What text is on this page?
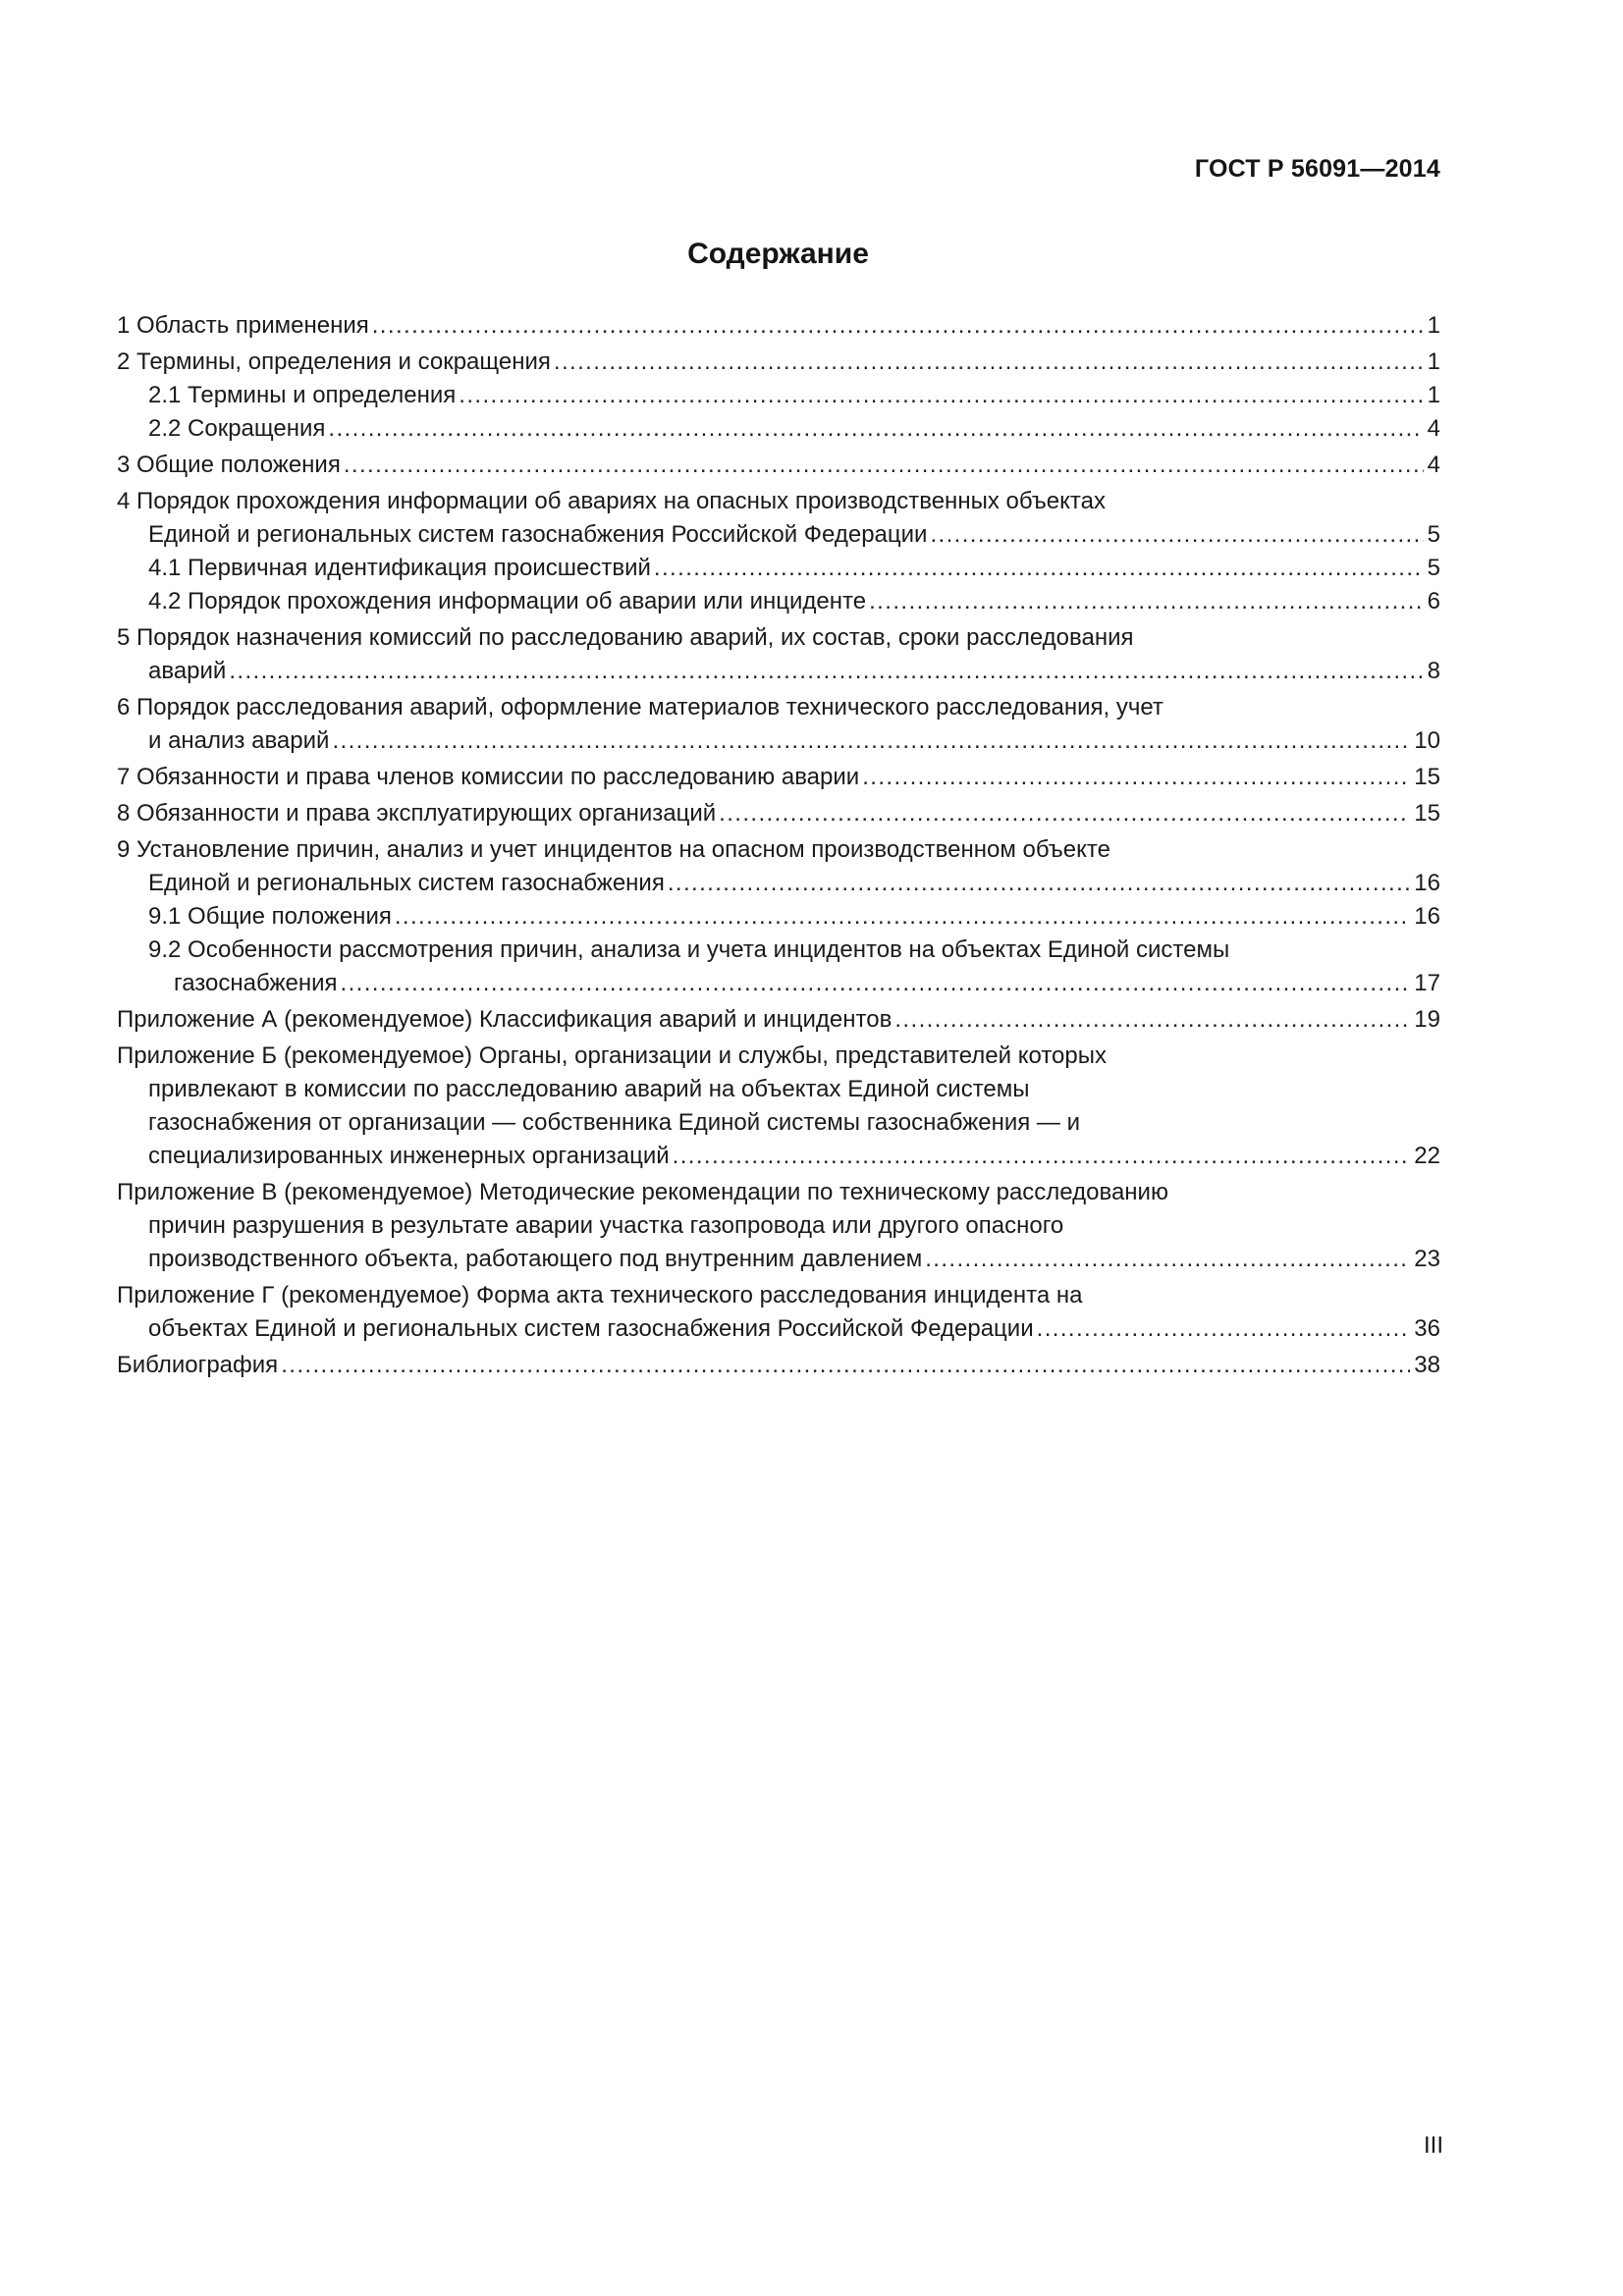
ГОСТ Р 56091—2014
Содержание
1 Область применения .....	1
2 Термины, определения и сокращения .....	1
2.1 Термины и определения .....	1
2.2 Сокращения .....	4
3 Общие положения .....	4
4 Порядок прохождения информации об авариях на опасных производственных объектах
Единой и региональных систем газоснабжения Российской Федерации .....	5
4.1 Первичная идентификация происшествий .....	5
4.2 Порядок прохождения информации об аварии или инциденте .....	6
5 Порядок назначения комиссий по расследованию аварий, их состав, сроки расследования
аварий .....	8
6 Порядок расследования аварий, оформление материалов технического расследования, учет
и анализ аварий .....	10
7 Обязанности и права членов комиссии по расследованию аварии .....	15
8 Обязанности и права эксплуатирующих организаций .....	15
9 Установление причин, анализ и учет инцидентов на опасном производственном объекте
Единой и региональных систем газоснабжения .....	16
9.1 Общие положения .....	16
9.2 Особенности рассмотрения причин, анализа и учета инцидентов на объектах Единой системы
газоснабжения .....	17
Приложение А (рекомендуемое) Классификация аварий и инцидентов .....	19
Приложение Б (рекомендуемое) Органы, организации и службы, представителей которых
привлекают в комиссии по расследованию аварий на объектах Единой системы
газоснабжения от организации — собственника Единой системы газоснабжения — и
специализированных инженерных организаций .....	22
Приложение В (рекомендуемое) Методические рекомендации по техническому расследованию
причин разрушения в результате аварии участка газопровода или другого опасного
производственного объекта, работающего под внутренним давлением .....	23
Приложение Г (рекомендуемое) Форма акта технического расследования инцидента на
объектах Единой и региональных систем газоснабжения Российской Федерации .....	36
Библиография .....	38
III
